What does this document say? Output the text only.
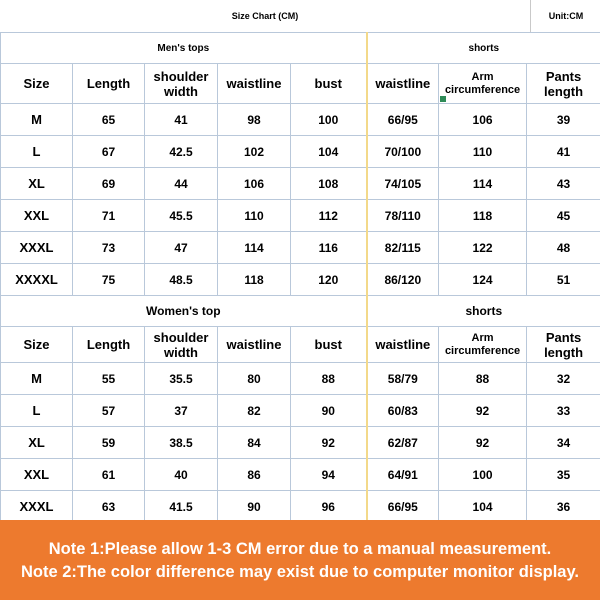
Size Chart (CM)	Unit:CM
Men's tops					shorts		
Size	Length	shoulder width	waistline	bust	waistline	Arm circumference	Pants length
M	65	41	98	100	66/95	106	39
L	67	42.5	102	104	70/100	110	41
XL	69	44	106	108	74/105	114	43
XXL	71	45.5	110	112	78/110	118	45
XXXL	73	47	114	116	82/115	122	48
XXXXL	75	48.5	118	120	86/120	124	51
Women's top					shorts		
Size	Length	shoulder width	waistline	bust	waistline	Arm circumference	Pants length
M	55	35.5	80	88	58/79	88	32
L	57	37	82	90	60/83	92	33
XL	59	38.5	84	92	62/87	92	34
XXL	61	40	86	94	64/91	100	35
XXXL	63	41.5	90	96	66/95	104	36
Note 1:Please allow 1-3 CM error due to a manual measurement.
Note 2:The color difference may exist due to computer monitor display.
